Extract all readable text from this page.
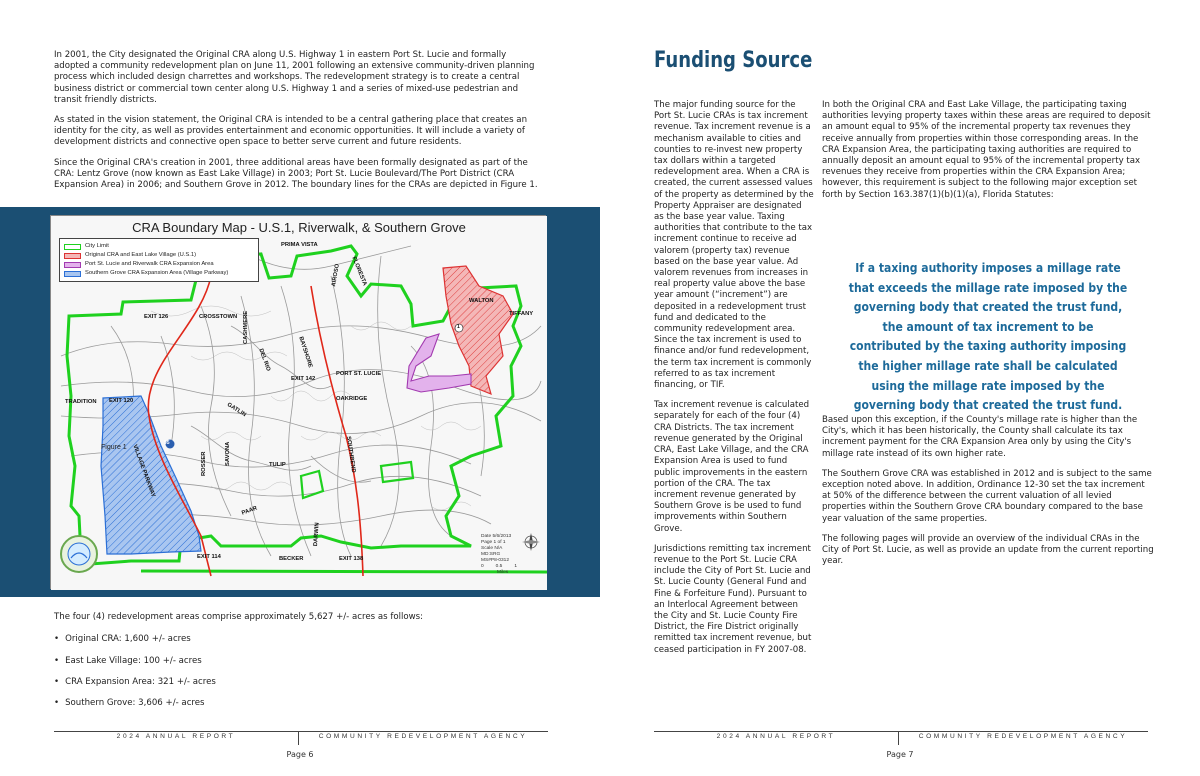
In 2001, the City designated the Original CRA along U.S. Highway 1 in eastern Port St. Lucie and formally adopted a community redevelopment plan on June 11, 2001 following an extensive community-driven planning process which included design charrettes and workshops. The redevelopment strategy is to create a central business district or commercial town center along U.S. Highway 1 and a series of mixed-use pedestrian and transit friendly districts.

As stated in the vision statement, the Original CRA is intended to be a central gathering place that creates an identity for the city, as well as provides entertainment and economic opportunities. It will include a variety of development districts and connective open space to better serve current and future residents.

Since the Original CRA's creation in 2001, three additional areas have been formally designated as part of the CRA: Lentz Grove (now known as East Lake Village) in 2003; Port St. Lucie Boulevard/The Port District (CRA Expansion Area) in 2006; and Southern Grove in 2012. The boundary lines for the CRAs are depicted in Figure 1.

CRA Boundary Map - U.S.1, Riverwalk, & Southern Grove
City Limit
Original CRA and East Lake Village (U.S.1)
Port St. Lucie and Riverwalk CRA Expansion Area
Southern Grove CRA Expansion Area (Village Parkway)
PRIMA VISTA
FLORESTA
AIROSO
WALTON
TIFFANY
CROSSTOWN CASHMERE
EXIT 126
DEL RIO	BAYSHORE
EXIT 142
PORT ST. LUCIE
OAKRIDGE
TRADITION EXIT 120
GATLIN
ROSSER	SAVONA	TULIP	SOUTHBEND
VILLAGE PARKWAY
PAAR
DARWIN
EXIT 114	BECKER	EXIT 138
95
1
Figure 1
Date 5/6/2013
Page 1 of 1
Scale N/A
MD:SRG
MS#P8-0312
0	0.5	1
Miles

The four (4) redevelopment areas comprise approximately 5,627 +/- acres as follows:

• Original CRA: 1,600 +/- acres
• East Lake Village: 100 +/- acres
• CRA Expansion Area: 321 +/- acres
• Southern Grove: 3,606 +/- acres
2024 ANNUAL REPORT	COMMUNITY REDEVELOPMENT AGENCY
Page 6
Funding Source

The major funding source for the Port St. Lucie CRAs is tax increment revenue. Tax increment revenue is a mechanism available to cities and counties to re-invest new property tax dollars within a targeted redevelopment area. When a CRA is created, the current assessed values of the property as determined by the Property Appraiser are designated as the base year value. Taxing authorities that contribute to the tax increment continue to receive ad valorem (property tax) revenue based on the base year value. Ad valorem revenues from increases in real property value above the base year amount (“increment”) are deposited in a redevelopment trust fund and dedicated to the community redevelopment area. Since the tax increment is used to finance and/or fund redevelopment, the term tax increment is commonly referred to as tax increment financing, or TIF.

Tax increment revenue is calculated separately for each of the four (4) CRA Districts. The tax increment revenue generated by the Original CRA, East Lake Village, and the CRA Expansion Area is used to fund public improvements in the eastern portion of the CRA. The tax increment revenue generated by Southern Grove is be used to fund improvements within Southern Grove.

Jurisdictions remitting tax increment revenue to the Port St. Lucie CRA include the City of Port St. Lucie and St. Lucie County (General Fund and Fine & Forfeiture Fund). Pursuant to an Interlocal Agreement between the City and St. Lucie County Fire District, the Fire District originally remitted tax increment revenue, but ceased participation in FY 2007-08.

In both the Original CRA and East Lake Village, the participating taxing authorities levying property taxes within these areas are required to deposit an amount equal to 95% of the incremental property tax revenues they receive annually from properties within those corresponding areas. In the CRA Expansion Area, the participating taxing authorities are required to annually deposit an amount equal to 95% of the incremental property tax revenues they receive from properties within the CRA Expansion Area; however, this requirement is subject to the following major exception set forth by Section 163.387(1)(b)(1)(a), Florida Statutes:

If a taxing authority imposes a millage rate that exceeds the millage rate imposed by the governing body that created the trust fund, the amount of tax increment to be contributed by the taxing authority imposing the higher millage rate shall be calculated using the millage rate imposed by the governing body that created the trust fund.

Based upon this exception, if the County's millage rate is higher than the City's, which it has been historically, the County shall calculate its tax increment payment for the CRA Expansion Area only by using the City's millage rate instead of its own higher rate.

The Southern Grove CRA was established in 2012 and is subject to the same exception noted above. In addition, Ordinance 12-30 set the tax increment at 50% of the difference between the current valuation of all levied properties within the Southern Grove CRA boundary compared to the base year valuation of the same properties.

The following pages will provide an overview of the individual CRAs in the City of Port St. Lucie, as well as provide an update from the current reporting year.

2024 ANNUAL REPORT	COMMUNITY REDEVELOPMENT AGENCY
Page 7
